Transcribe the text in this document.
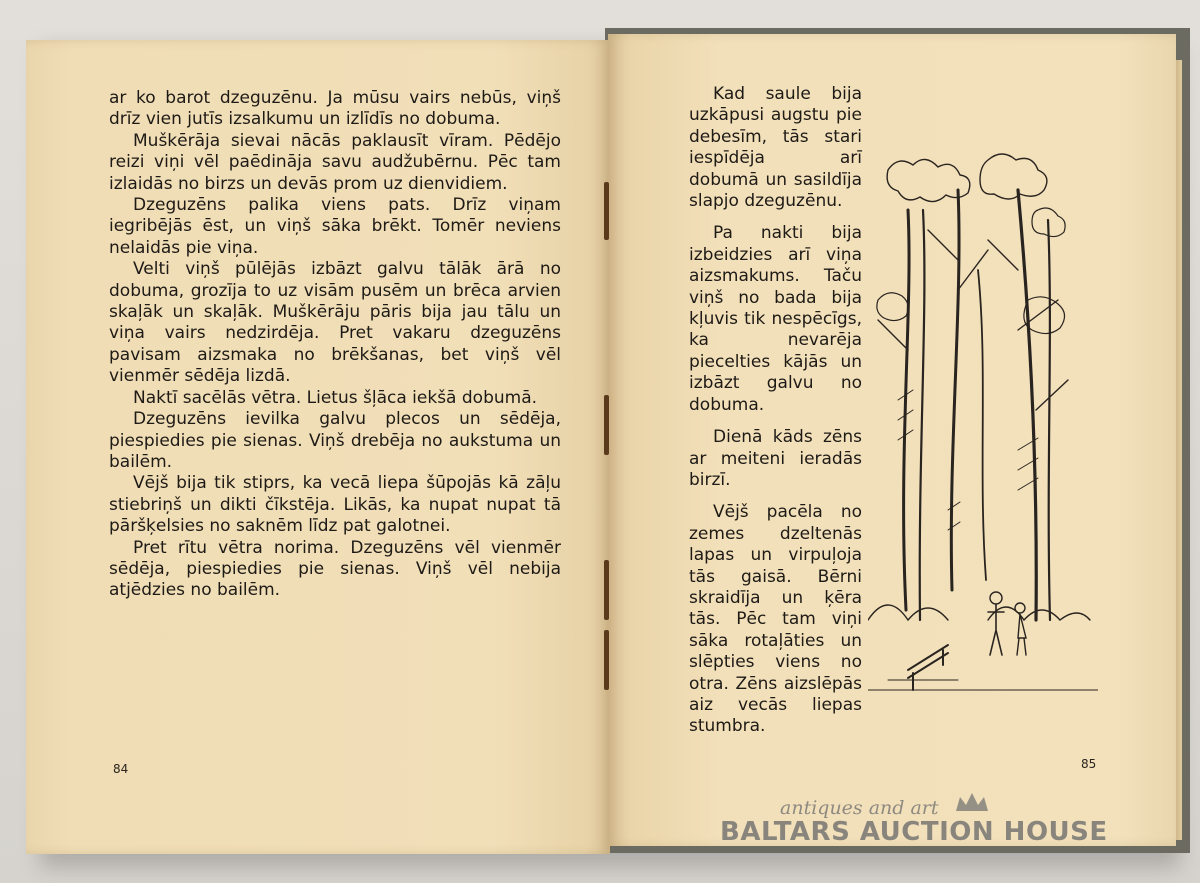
ar ko barot dzeguzēnu. Ja mūsu vairs nebūs, viņš drīz vien jutīs izsalkumu un izlīdīs no dobuma.

Muškērāja sievai nācās paklausīt vīram. Pēdējo reizi viņi vēl paēdināja savu audžubērnu. Pēc tam izlaidās no birzs un devās prom uz dienvidiem.

Dzeguzēns palika viens pats. Drīz viņam iegribējās ēst, un viņš sāka brēkt. Tomēr neviens nelaidās pie viņa.

Velti viņš pūlējās izbāzt galvu tālāk ārā no dobuma, grozīja to uz visām pusēm un brēca arvien skaļāk un skaļāk. Muškērāju pāris bija jau tālu un viņa vairs nedzirdēja. Pret vakaru dzeguzēns pavisam aizsmaka no brēkšanas, bet viņš vēl vienmēr sēdēja lizdā.

Naktī sacēlās vētra. Lietus šļāca iekšā dobumā.

Dzeguzēns ievilka galvu plecos un sēdēja, piespiedies pie sienas. Viņš drebēja no aukstuma un bailēm.

Vējš bija tik stiprs, ka vecā liepa šūpojās kā zāļu stiebriņš un dikti čīkstēja. Likās, ka nupat nupat tā pāršķelsies no saknēm līdz pat galotnei.

Pret rītu vētra norima. Dzeguzēns vēl vienmēr sēdēja, piespiedies pie sienas. Viņš vēl nebija atjēdzies no bailēm.

84

Kad saule bija uzkāpusi augstu pie debesīm, tās stari iespīdēja arī dobumā un sasildīja slapjo dzeguzēnu.

Pa nakti bija izbeidzies arī viņa aizsmakums. Taču viņš no bada bija kļuvis tik nespēcīgs, ka nevarēja piecelties kājās un izbāzt galvu no dobuma.

Dienā kāds zēns ar meiteni ieradās birzī.

Vējš pacēla no zemes dzeltenās lapas un virpuļoja tās gaisā. Bērni skraidīja un ķēra tās. Pēc tam viņi sāka rotaļāties un slēpties viens no otra. Zēns aizslēpās aiz vecās liepas stumbra.

85
antiques and art
BALTARS AUCTION HOUSE
